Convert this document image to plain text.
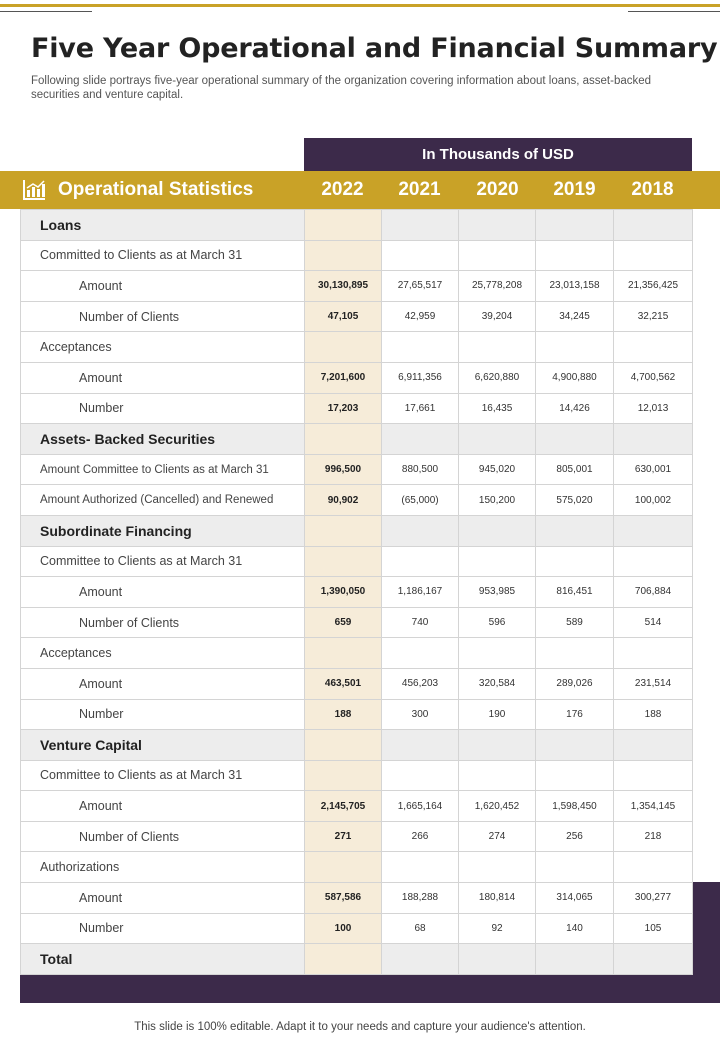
Five Year Operational and Financial Summary

Following slide portrays five-year operational summary of the organization covering information about loans, asset-backed securities and venture capital.

In Thousands of USD
Operational Statistics	2022	2021	2020	2019	2018
Loans					
Committed to Clients as at March 31					
Amount	30,130,895	27,65,517	25,778,208	23,013,158	21,356,425
Number of Clients	47,105	42,959	39,204	34,245	32,215
Acceptances					
Amount	7,201,600	6,911,356	6,620,880	4,900,880	4,700,562
Number	17,203	17,661	16,435	14,426	12,013
Assets- Backed Securities					
Amount Committee to Clients as at March 31	996,500	880,500	945,020	805,001	630,001
Amount Authorized (Cancelled) and Renewed	90,902	(65,000)	150,200	575,020	100,002
Subordinate Financing					
Committee to Clients as at March 31					
Amount	1,390,050	1,186,167	953,985	816,451	706,884
Number of Clients	659	740	596	589	514
Acceptances					
Amount	463,501	456,203	320,584	289,026	231,514
Number	188	300	190	176	188
Venture Capital					
Committee to Clients as at March 31					
Amount	2,145,705	1,665,164	1,620,452	1,598,450	1,354,145
Number of Clients	271	266	274	256	218
Authorizations					
Amount	587,586	188,288	180,814	314,065	300,277
Number	100	68	92	140	105
Total					
This slide is 100% editable. Adapt it to your needs and capture your audience's attention.
